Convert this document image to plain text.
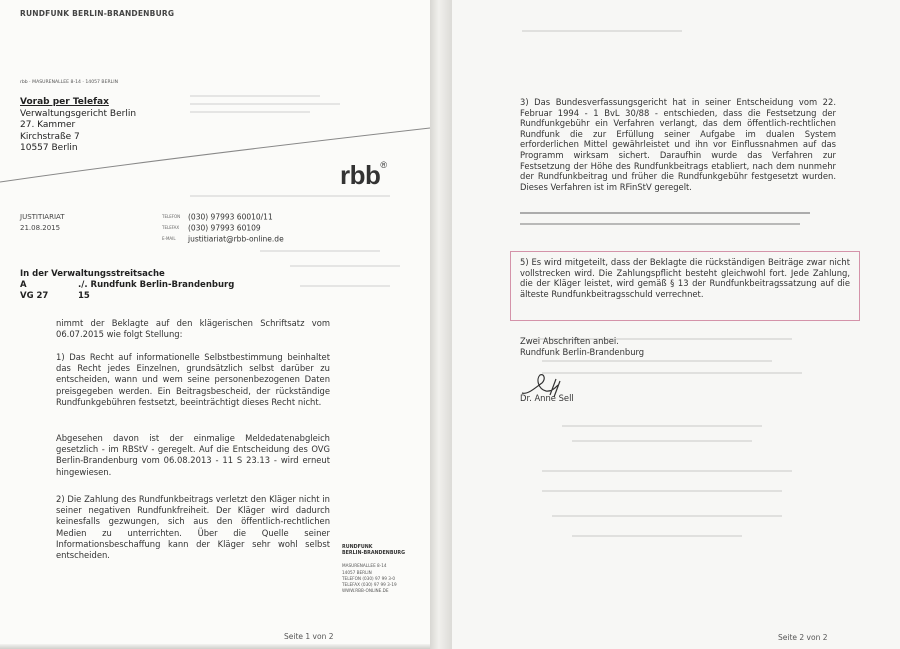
RUNDFUNK BERLIN-BRANDENBURG
rbb · MASURENALLEE 8-14 · 14057 BERLIN
Vorab per Telefax
Verwaltungsgericht Berlin
27. Kammer
Kirchstraße 7
10557 Berlin
rbb®
JUSTITIARIAT
21.08.2015
TELEFON (030) 97993 60010/11
TELEFAX (030) 97993 60109
E-MAIL justitiariat@rbb-online.de
In der Verwaltungsstreitsache
A	./. Rundfunk Berlin-Brandenburg
VG 27	15
nimmt der Beklagte auf den klägerischen Schriftsatz vom 06.07.2015 wie folgt Stellung:
1) Das Recht auf informationelle Selbstbestimmung beinhaltet das Recht jedes Einzelnen, grundsätzlich selbst darüber zu entscheiden, wann und wem seine personenbezogenen Daten preisgegeben werden. Ein Beitragsbescheid, der rückständige Rundfunkgebühren festsetzt, beeinträchtigt dieses Recht nicht.
Abgesehen davon ist der einmalige Meldedatenabgleich gesetzlich - im RBStV - geregelt. Auf die Entscheidung des OVG Berlin-Brandenburg vom 06.08.2013 - 11 S 23.13 - wird erneut hingewiesen.
2) Die Zahlung des Rundfunkbeitrags verletzt den Kläger nicht in seiner negativen Rundfunkfreiheit. Der Kläger wird dadurch keinesfalls gezwungen, sich aus den öffentlich-rechtlichen Medien zu unterrichten. Über die Quelle seiner Informationsbeschaffung kann der Kläger sehr wohl selbst entscheiden.
RUNDFUNK
BERLIN-BRANDENBURG
MASURENALLEE 8-14
14057 BERLIN
TELEFON (030) 97 99 3-0
TELEFAX (030) 97 99 3-19
WWW.RBB-ONLINE.DE
Seite 1 von 2
3) Das Bundesverfassungsgericht hat in seiner Entscheidung vom 22. Februar 1994 - 1 BvL 30/88 - entschieden, dass die Festsetzung der Rundfunkgebühr ein Verfahren verlangt, das dem öffentlich-rechtlichen Rundfunk die zur Erfüllung seiner Aufgabe im dualen System erforderlichen Mittel gewährleistet und ihn vor Einflussnahmen auf das Programm wirksam sichert. Daraufhin wurde das Verfahren zur Festsetzung der Höhe des Rundfunkbeitrags etabliert, nach dem nunmehr der Rundfunkbeitrag und früher die Rundfunkgebühr festgesetzt wurden. Dieses Verfahren ist im RFinStV geregelt.
5) Es wird mitgeteilt, dass der Beklagte die rückständigen Beiträge zwar nicht vollstrecken wird. Die Zahlungspflicht besteht gleichwohl fort. Jede Zahlung, die der Kläger leistet, wird gemäß § 13 der Rundfunkbeitragssatzung auf die älteste Rundfunkbeitragsschuld verrechnet.
Zwei Abschriften anbei.
Rundfunk Berlin-Brandenburg
Dr. Anne Sell
Seite 2 von 2
